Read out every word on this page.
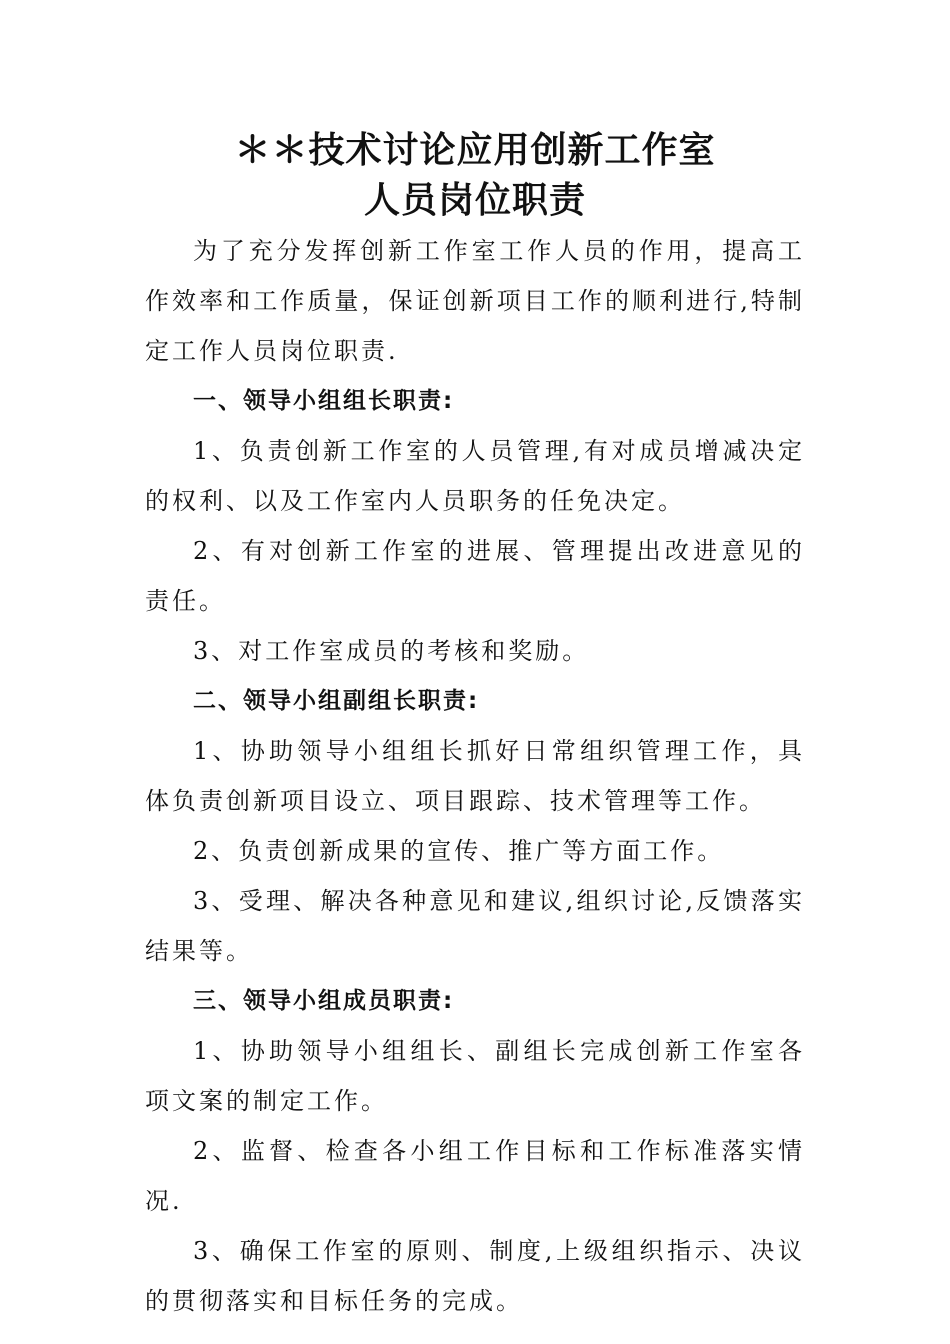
＊＊技术讨论应用创新工作室

人员岗位职责

为了充分发挥创新工作室工作人员的作用，提高工作效率和工作质量，保证创新项目工作的顺利进行,特制定工作人员岗位职责.

一、领导小组组长职责:

1、负责创新工作室的人员管理,有对成员增减决定的权利、以及工作室内人员职务的任免决定。

2、有对创新工作室的进展、管理提出改进意见的责任。

3、对工作室成员的考核和奖励。

二、领导小组副组长职责:

1、协助领导小组组长抓好日常组织管理工作，具体负责创新项目设立、项目跟踪、技术管理等工作。

2、负责创新成果的宣传、推广等方面工作。

3、受理、解决各种意见和建议,组织讨论,反馈落实结果等。

三、领导小组成员职责:

1、协助领导小组组长、副组长完成创新工作室各项文案的制定工作。

2、监督、检查各小组工作目标和工作标准落实情况.

3、确保工作室的原则、制度,上级组织指示、决议的贯彻落实和目标任务的完成。
